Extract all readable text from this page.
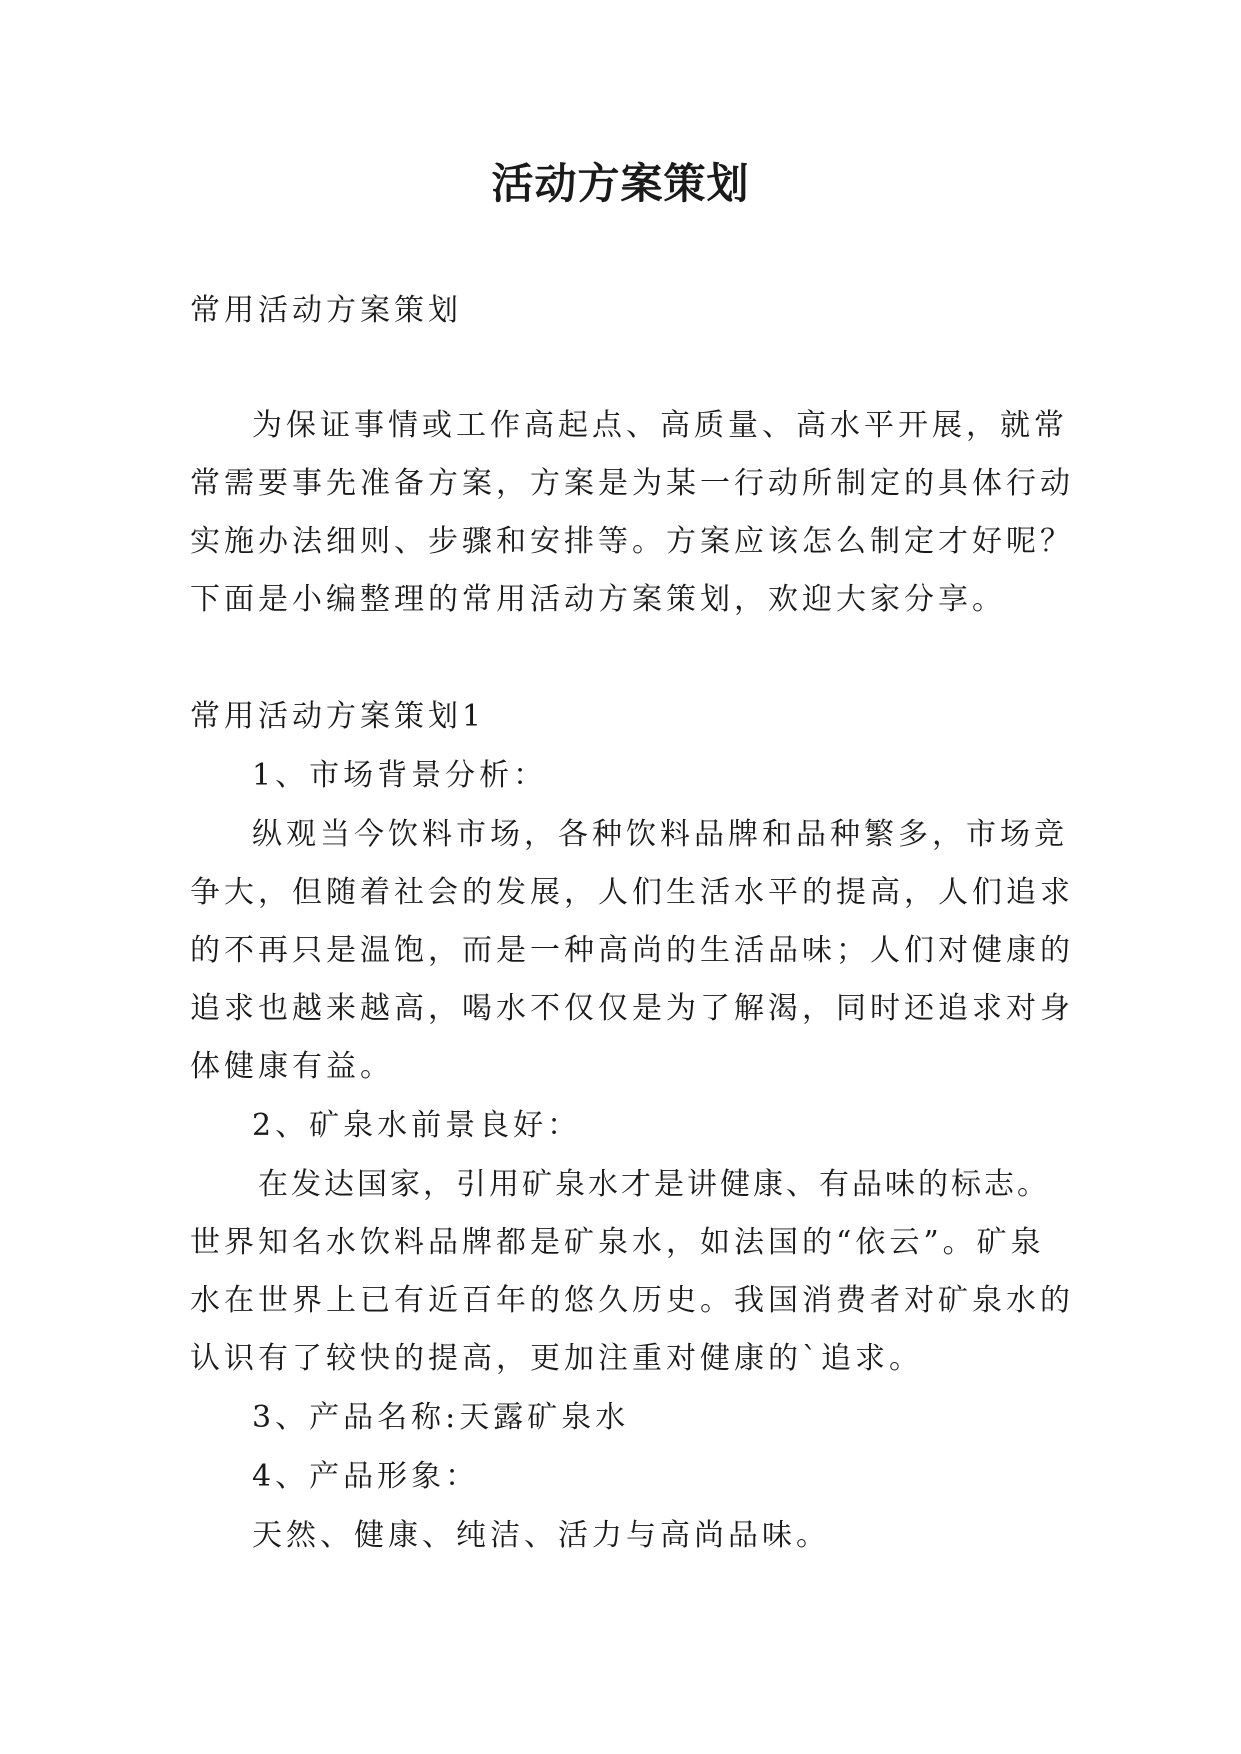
活动方案策划
常用活动方案策划
为保证事情或工作高起点、高质量、高水平开展，就常
常需要事先准备方案，方案是为某一行动所制定的具体行动
实施办法细则、步骤和安排等。方案应该怎么制定才好呢？
下面是小编整理的常用活动方案策划，欢迎大家分享。
常用活动方案策划1
1、市场背景分析：
纵观当今饮料市场，各种饮料品牌和品种繁多，市场竞
争大，但随着社会的发展，人们生活水平的提高，人们追求
的不再只是温饱，而是一种高尚的生活品味；人们对健康的
追求也越来越高，喝水不仅仅是为了解渴，同时还追求对身
体健康有益。
2、矿泉水前景良好：
在发达国家，引用矿泉水才是讲健康、有品味的标志。
世界知名水饮料品牌都是矿泉水，如法国的“依云”。矿泉
水在世界上已有近百年的悠久历史。我国消费者对矿泉水的
认识有了较快的提高，更加注重对健康的`追求。
3、产品名称:天露矿泉水
4、产品形象：
天然、健康、纯洁、活力与高尚品味。
